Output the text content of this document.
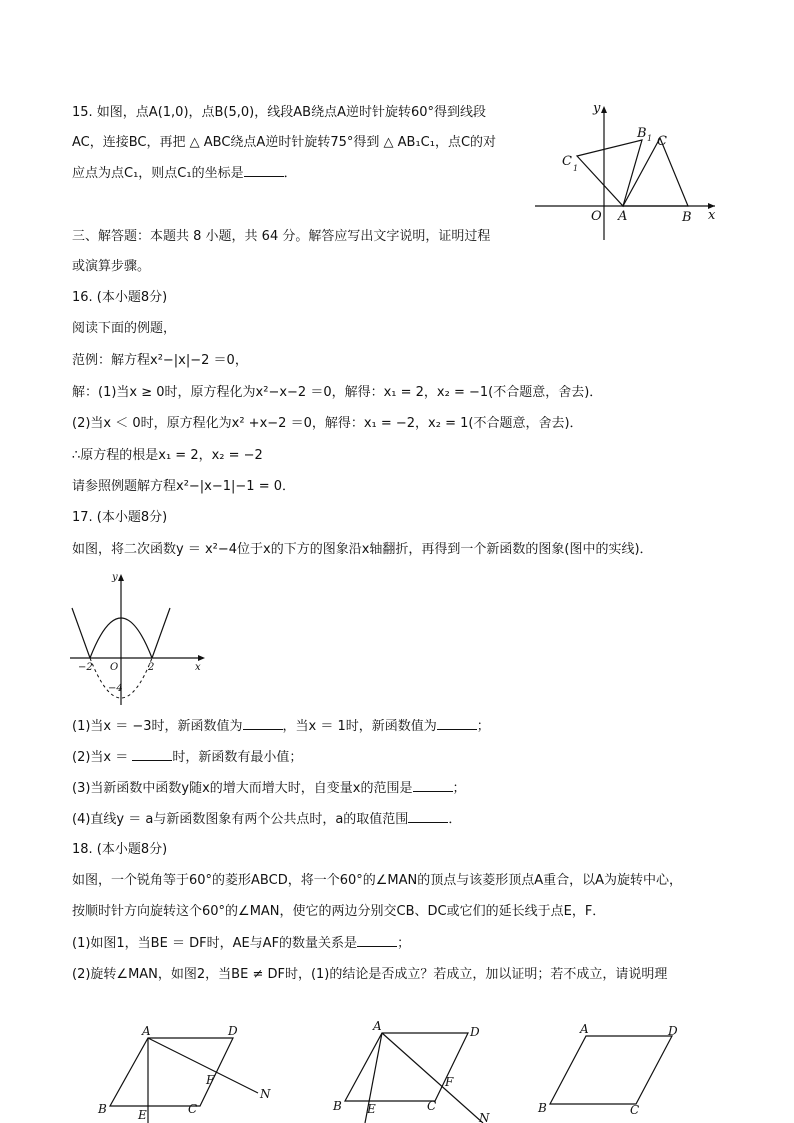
15. 如图，点A(1,0)，点B(5,0)，线段AB绕点A逆时针旋转60°得到线段
AC，连接BC，再把 △ ABC绕点A逆时针旋转75°得到 △ AB₁C₁，点C的对
应点为点C₁，则点C₁的坐标是	．
y
x
O A	B
C
B 1
C 1
三、解答题：本题共 8 小题，共 64 分。解答应写出文字说明，证明过程
或演算步骤。
16. (本小题8分)
阅读下面的例题，
范例：解方程x²−|x|−2 ＝0，
解：(1)当x ≥ 0时，原方程化为x²−x−2 ＝0，解得：x₁ = 2，x₂ = −1(不合题意，舍去)．
(2)当x ＜ 0时，原方程化为x² +x−2 ＝0，解得：x₁ = −2，x₂ = 1(不合题意，舍去)．
∴原方程的根是x₁ = 2，x₂ = −2
请参照例题解方程x²−|x−1|−1 = 0．
17. (本小题8分)
如图，将二次函数y ＝ x²−4位于x的下方的图象沿x轴翻折，再得到一个新函数的图象(图中的实线)．
y
x
O
−2	2
−4
(1)当x ＝ −3时，新函数值为	，当x ＝ 1时，新函数值为	；
(2)当x ＝	时，新函数有最小值；
(3)当新函数中函数y随x的增大而增大时，自变量x的范围是	；
(4)直线y ＝ a与新函数图象有两个公共点时，a的取值范围	．
18. (本小题8分)
如图，一个锐角等于60°的菱形ABCD，将一个60°的∠MAN的顶点与该菱形顶点A重合，以A为旋转中心，
按顺时针方向旋转这个60°的∠MAN，使它的两边分别交CB、DC或它们的延长线于点E，F．
(1)如图1，当BE ＝ DF时，AE与AF的数量关系是	；
(2)旋转∠MAN，如图2，当BE ≠ DF时，(1)的结论是否成立？若成立，加以证明；若不成立，请说明理
A	D
B	C
E
F
N
A	D
B	C
E
F
N
A	D
B	C
